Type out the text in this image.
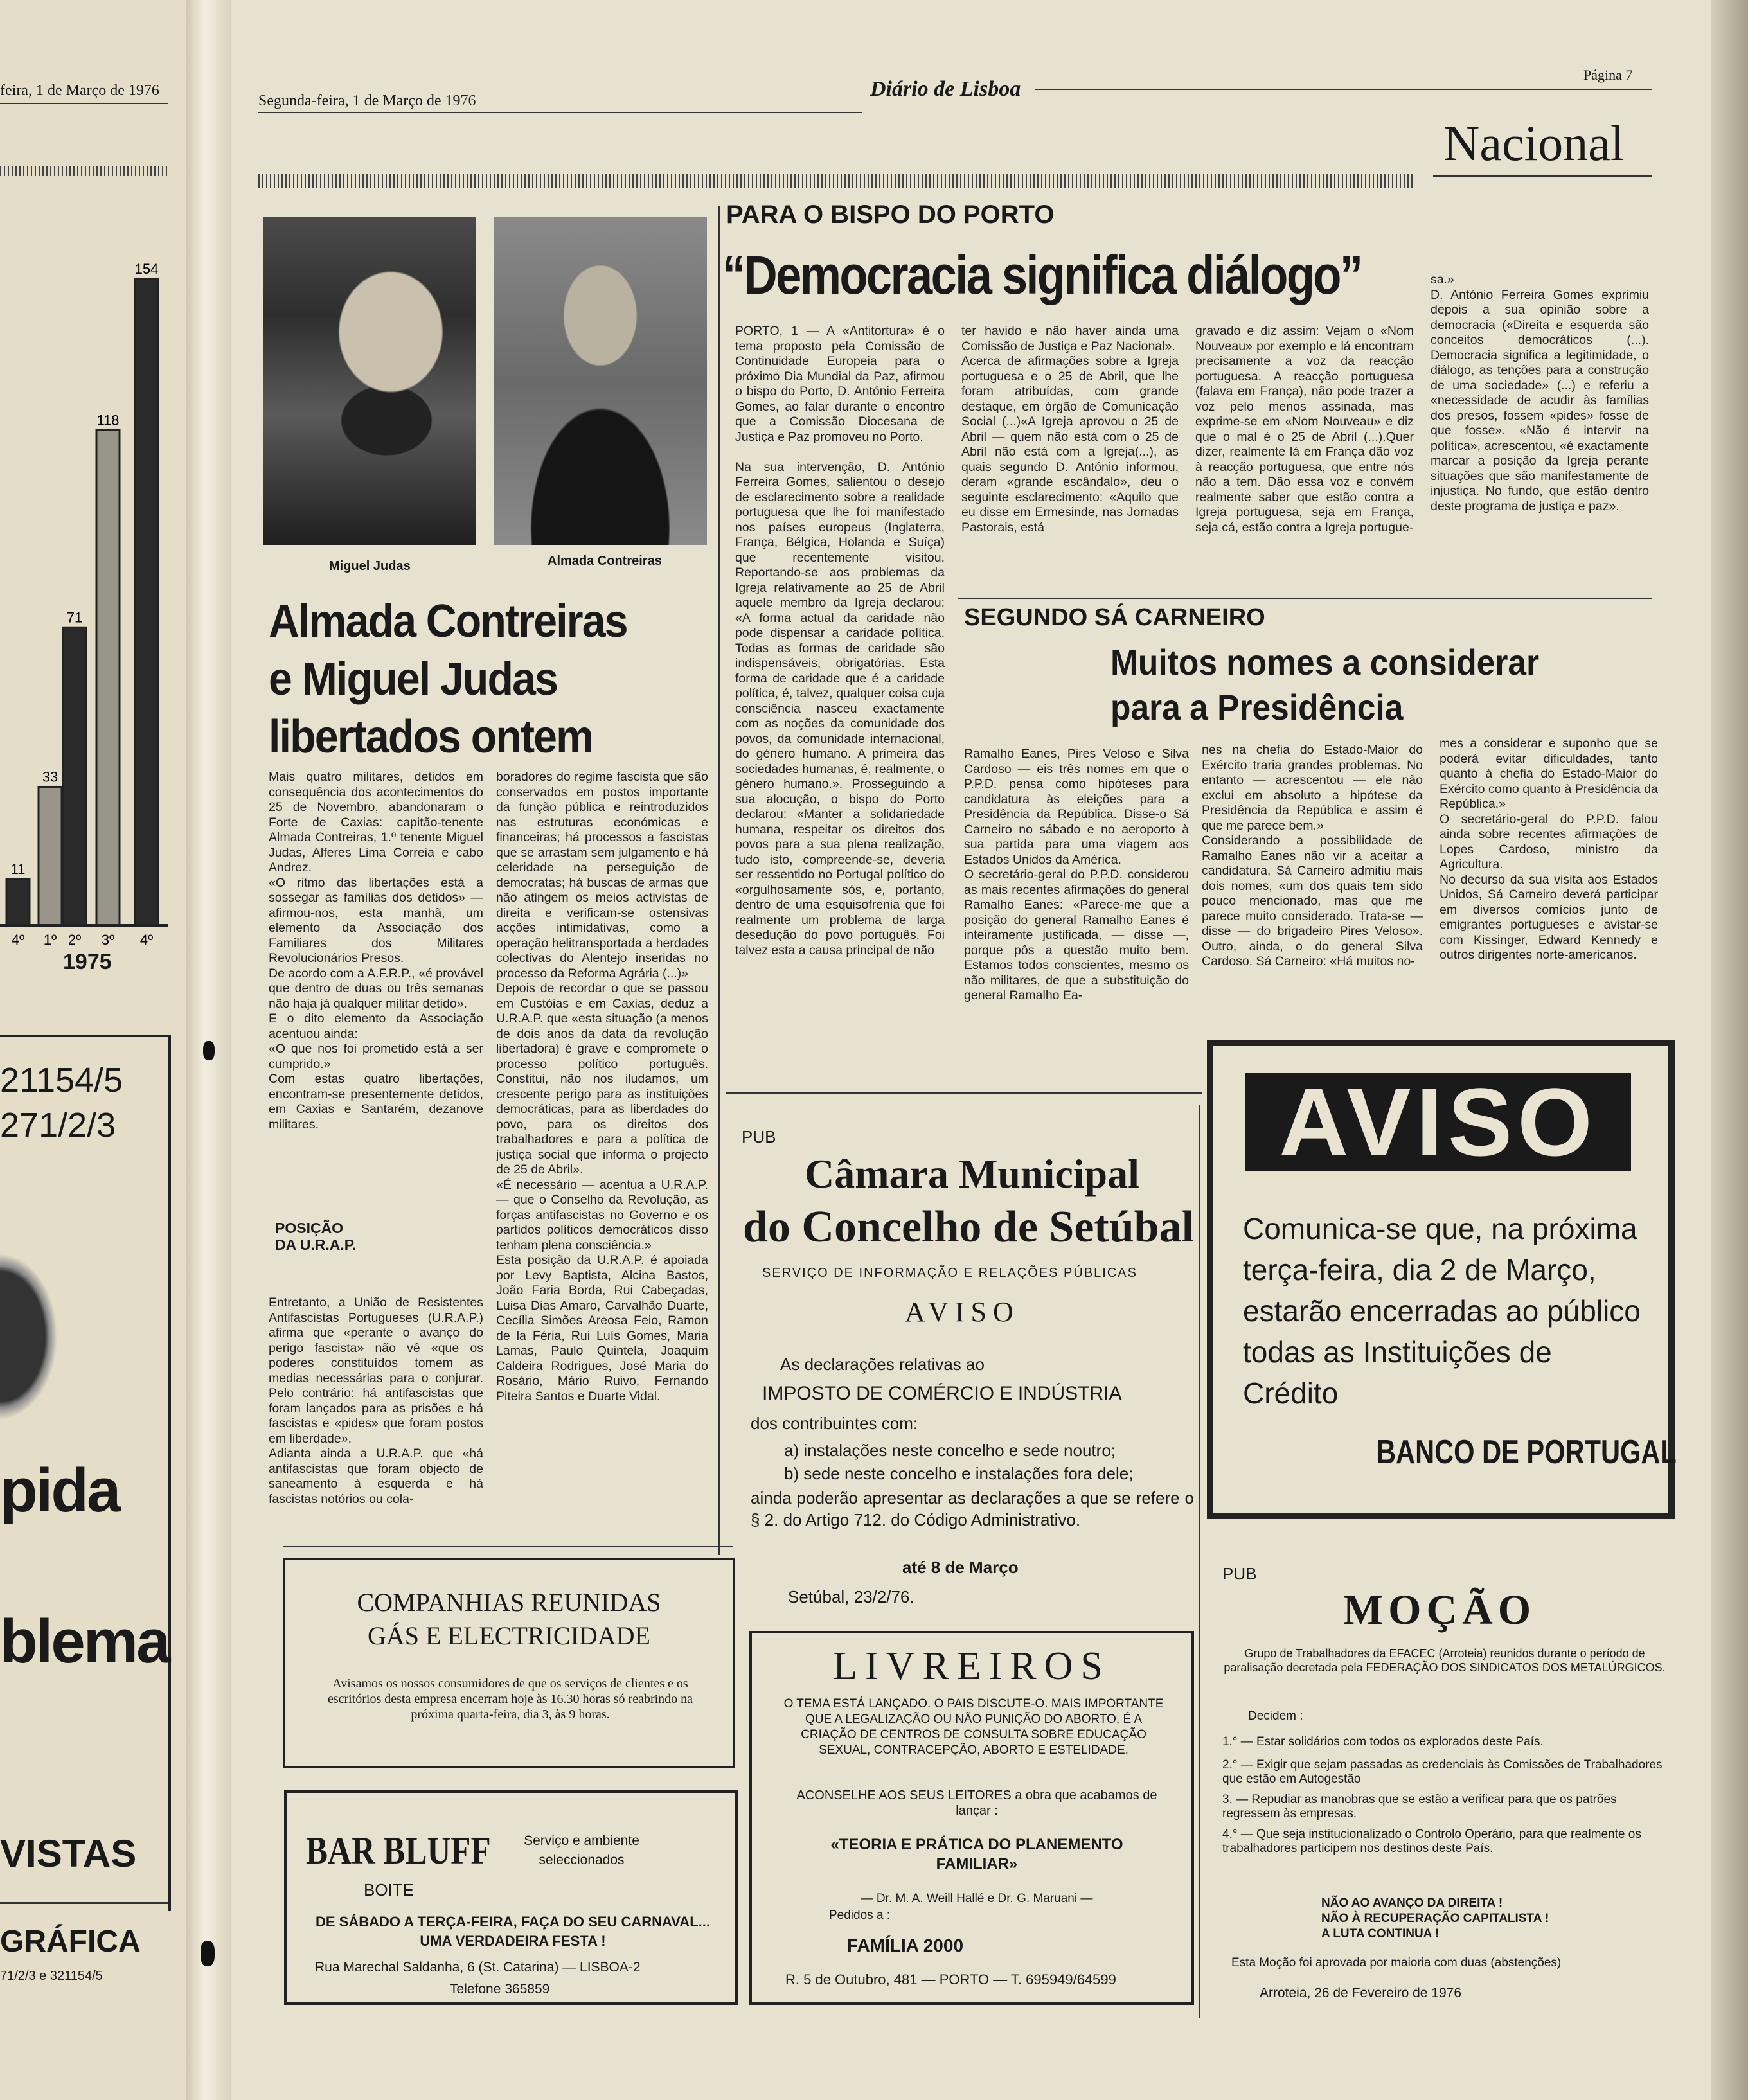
feira, 1 de Março de 1976
11
33
71
118
154
4º 1º 2º 3º 4º
1975
21154/5
271/2/3
pida
blema
VISTAS
GRÁFICA
71/2/3 e 321154/5
Segunda-feira, 1 de Março de 1976	Diário de Lisboa
Página 7
Nacional
Miguel Judas	Almada Contreiras
Almada Contreiras
e Miguel Judas
libertados ontem
Mais quatro militares, detidos em consequência dos acontecimentos do 25 de Novembro, abandonaram o Forte de Caxias: capitão-tenente Almada Contreiras, 1.º tenente Miguel Judas, Alferes Lima Correia e cabo Andrez.
«O ritmo das libertações está a sossegar as famílias dos detidos» — afirmou-nos, esta manhã, um elemento da Associação dos Familiares dos Militares Revolucionários Presos.
De acordo com a A.F.R.P., «é provável que dentro de duas ou três semanas não haja já qualquer militar detido».
E o dito elemento da Associação acentuou ainda:
«O que nos foi prometido está a ser cumprido.»
Com estas quatro libertações, encontram-se presentemente detidos, em Caxias e Santarém, dezanove militares.
POSIÇÃO
DA U.R.A.P.
Entretanto, a União de Resistentes Antifascistas Portugueses (U.R.A.P.) afirma que «perante o avanço do perigo fascista» não vê «que os poderes constituídos tomem as medias necessárias para o conjurar. Pelo contrário: há antifascistas que foram lançados para as prisões e há fascistas e «pides» que foram postos em liberdade».
Adianta ainda a U.R.A.P. que «há antifascistas que foram objecto de saneamento à esquerda e há fascistas notórios ou cola-
boradores do regime fascista que são conservados em postos importante da função pública e reintroduzidos nas estruturas económicas e financeiras; há processos a fascistas que se arrastam sem julgamento e há celeridade na perseguição de democratas; há buscas de armas que não atingem os meios activistas de direita e verificam-se ostensivas acções intimidativas, como a operação helitransportada a herdades colectivas do Alentejo inseridas no processo da Reforma Agrária (...)»
Depois de recordar o que se passou em Custóias e em Caxias, deduz a U.R.A.P. que «esta situação (a menos de dois anos da data da revolução libertadora) é grave e compromete o processo político português. Constitui, não nos iludamos, um crescente perigo para as instituições democráticas, para as liberdades do povo, para os direitos dos trabalhadores e para a política de justiça social que informa o projecto de 25 de Abril».
«É necessário — acentua a U.R.A.P. — que o Conselho da Revolução, as forças antifascistas no Governo e os partidos políticos democráticos disso tenham plena consciência.»
Esta posição da U.R.A.P. é apoiada por Levy Baptista, Alcina Bastos, João Faria Borda, Rui Cabeçadas, Luisa Dias Amaro, Carvalhão Duarte, Cecília Simões Areosa Feio, Ramon de la Féria, Rui Luís Gomes, Maria Lamas, Paulo Quintela, Joaquim Caldeira Rodrigues, José Maria do Rosário, Mário Ruivo, Fernando Piteira Santos e Duarte Vidal.
PARA O BISPO DO PORTO
“Democracia significa diálogo”
PORTO, 1 — A «Antitortura» é o tema proposto pela Comissão de Continuidade Europeia para o próximo Dia Mundial da Paz, afirmou o bispo do Porto, D. António Ferreira Gomes, ao falar durante o encontro que a Comissão Diocesana de Justiça e Paz promoveu no Porto.

Na sua intervenção, D. António Ferreira Gomes, salientou o desejo de esclarecimento sobre a realidade portuguesa que lhe foi manifestado nos países europeus (Inglaterra, França, Bélgica, Holanda e Suíça) que recentemente visitou. Reportando-se aos problemas da Igreja relativamente ao 25 de Abril aquele membro da Igreja declarou: «A forma actual da caridade não pode dispensar a caridade política. Todas as formas de caridade são indispensáveis, obrigatórias. Esta forma de caridade que é a caridade política, é, talvez, qualquer coisa cuja consciência nasceu exactamente com as noções da comunidade dos povos, da comunidade internacional, do género humano. A primeira das sociedades humanas, é, realmente, o género humano.». Prosseguindo a sua alocução, o bispo do Porto declarou: «Manter a solidariedade humana, respeitar os direitos dos povos para a sua plena realização, tudo isto, compreende-se, deveria ser ressentido no Portugal político do «orgulhosamente sós, e, portanto, dentro de uma esquisofrenia que foi realmente um problema de larga desedução do povo português. Foi talvez esta a causa principal de não
ter havido e não haver ainda uma Comissão de Justiça e Paz Nacional».
Acerca de afirmações sobre a Igreja portuguesa e o 25 de Abril, que lhe foram atribuídas, com grande destaque, em órgão de Comunicação Social (...)«A Igreja aprovou o 25 de Abril — quem não está com o 25 de Abril não está com a Igreja(...), as quais segundo D. António informou, deram «grande escândalo», deu o seguinte esclarecimento: «Aquilo que eu disse em Ermesinde, nas Jornadas Pastorais, está
gravado e diz assim: Vejam o «Nom Nouveau» por exemplo e lá encontram precisamente a voz da reacção portuguesa. A reacção portuguesa (falava em França), não pode trazer a voz pelo menos assinada, mas exprime-se em «Nom Nouveau» e diz que o mal é o 25 de Abril (...).Quer dizer, realmente lá em França dão voz à reacção portuguesa, que entre nós não a tem. Dão essa voz e convém realmente saber que estão contra a Igreja portuguesa, seja em França, seja cá, estão contra a Igreja portugue-
sa.»
D. António Ferreira Gomes exprimiu depois a sua opinião sobre a democracia («Direita e esquerda são conceitos democráticos (...). Democracia significa a legitimidade, o diálogo, as tenções para a construção de uma sociedade» (...) e referiu a «necessidade de acudir às famílias dos presos, fossem «pides» fosse de que fosse». «Não é intervir na política», acrescentou, «é exactamente marcar a posição da Igreja perante situações que são manifestamente de injustiça. No fundo, que estão dentro deste programa de justiça e paz».
SEGUNDO SÁ CARNEIRO
Muitos nomes a considerar
para a Presidência
Ramalho Eanes, Pires Veloso e Silva Cardoso — eis três nomes em que o P.P.D. pensa como hipóteses para candidatura às eleições para a Presidência da República. Disse-o Sá Carneiro no sábado e no aeroporto à sua partida para uma viagem aos Estados Unidos da América.
O secretário-geral do P.P.D. considerou as mais recentes afirmações do general Ramalho Eanes: «Parece-me que a posição do general Ramalho Eanes é inteiramente justificada, — disse —, porque pôs a questão muito bem. Estamos todos conscientes, mesmo os não militares, de que a substituição do general Ramalho Ea-
nes na chefia do Estado-Maior do Exército traria grandes problemas. No entanto — acrescentou — ele não exclui em absoluto a hipótese da Presidência da República e assim é que me parece bem.»
Considerando a possibilidade de Ramalho Eanes não vir a aceitar a candidatura, Sá Carneiro admitiu mais dois nomes, «um dos quais tem sido pouco mencionado, mas que me parece muito considerado. Trata-se — disse — do brigadeiro Pires Veloso». Outro, ainda, o do general Silva Cardoso. Sá Carneiro: «Há muitos no-
mes a considerar e suponho que se poderá evitar dificuldades, tanto quanto à chefia do Estado-Maior do Exército como quanto à Presidência da República.»
O secretário-geral do P.P.D. falou ainda sobre recentes afirmações de Lopes Cardoso, ministro da Agricultura.
No decurso da sua visita aos Estados Unidos, Sá Carneiro deverá participar em diversos comícios junto de emigrantes portugueses e avistar-se com Kissinger, Edward Kennedy e outros dirigentes norte-americanos.
PUB
Câmara Municipal
do Concelho de Setúbal
SERVIÇO DE INFORMAÇÃO E RELAÇÕES PÚBLICAS
AVISO
As declarações relativas ao
IMPOSTO DE COMÉRCIO E INDÚSTRIA
dos contribuintes com:
a) instalações neste concelho e sede noutro;
b) sede neste concelho e instalações fora dele;
ainda poderão apresentar as declarações a que se refere o § 2. do Artigo 712. do Código Administrativo.
até 8 de Março
Setúbal, 23/2/76.
AVISO
Comunica-se que, na próxima terça-feira, dia 2 de Março, estarão encerradas ao público todas as Instituições de Crédito
BANCO DE PORTUGAL
COMPANHIAS REUNIDAS
GÁS E ELECTRICIDADE
Avisamos os nossos consumidores de que os serviços de clientes e os escritórios desta empresa encerram hoje às 16.30 horas só reabrindo na próxima quarta-feira, dia 3, às 9 horas.
LIVREIROS
O TEMA ESTÁ LANÇADO. O PAIS DISCUTE-O. MAIS IMPORTANTE QUE A LEGALIZAÇÃO OU NÃO PUNIÇÃO DO ABORTO, É A CRIAÇÃO DE CENTROS DE CONSULTA SOBRE EDUCAÇÃO SEXUAL, CONTRACEPÇÃO, ABORTO E ESTELIDADE.
ACONSELHE AOS SEUS LEITORES a obra que acabamos de lançar :
«TEORIA E PRÁTICA DO PLANEMENTO FAMILIAR»
— Dr. M. A. Weill Hallé e Dr. G. Maruani —
Pedidos a :
FAMÍLIA 2000
R. 5 de Outubro, 481 — PORTO — T. 695949/64599
BAR BLUFF
BOITE
Serviço e ambiente seleccionados
DE SÁBADO A TERÇA-FEIRA, FAÇA DO SEU CARNAVAL... UMA VERDADEIRA FESTA !
Rua Marechal Saldanha, 6 (St. Catarina) — LISBOA-2
Telefone 365859
PUB
MOÇÃO
Grupo de Trabalhadores da EFACEC (Arroteia) reunidos durante o período de paralisação decretada pela FEDERAÇÃO DOS SINDICATOS DOS METALÚRGICOS.
Decidem :
1.° — Estar solidários com todos os explorados deste País.
2.° — Exigir que sejam passadas as credenciais às Comissões de Trabalhadores que estão em Autogestão
3. — Repudiar as manobras que se estão a verificar para que os patrões regressem às empresas.
4.° — Que seja institucionalizado o Controlo Operário, para que realmente os trabalhadores participem nos destinos deste País.
NÃO AO AVANÇO DA DIREITA !
NÃO À RECUPERAÇÃO CAPITALISTA !
A LUTA CONTINUA !
Esta Moção foi aprovada por maioria com duas (abstenções)
Arroteia, 26 de Fevereiro de 1976
